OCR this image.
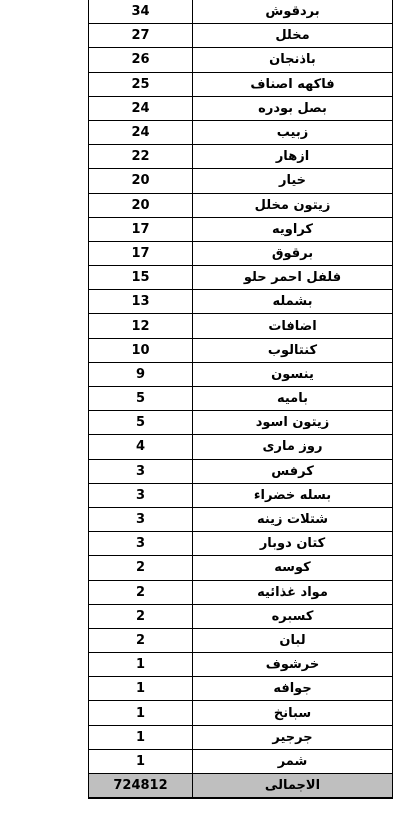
34	بردقوش
27	مخلل
26	باذنجان
25	فاكهه اصناف
24	بصل بودره
24	زبيب
22	ازهار
20	خيار
20	زيتون مخلل
17	كراويه
17	برقوق
15	فلفل احمر حلو
13	بشمله
12	اضافات
10	كنتالوب
9	ينسون
5	باميه
5	زيتون اسود
4	روز مارى
3	كرفس
3	بسله خضراء
3	شتلات زينه
3	كتان دوبار
2	كوسه
2	مواد غذائيه
2	كسبره
2	لبان
1	خرشوف
1	جوافه
1	سبانخ
1	جرجير
1	شمر
724812	الاجمالى
